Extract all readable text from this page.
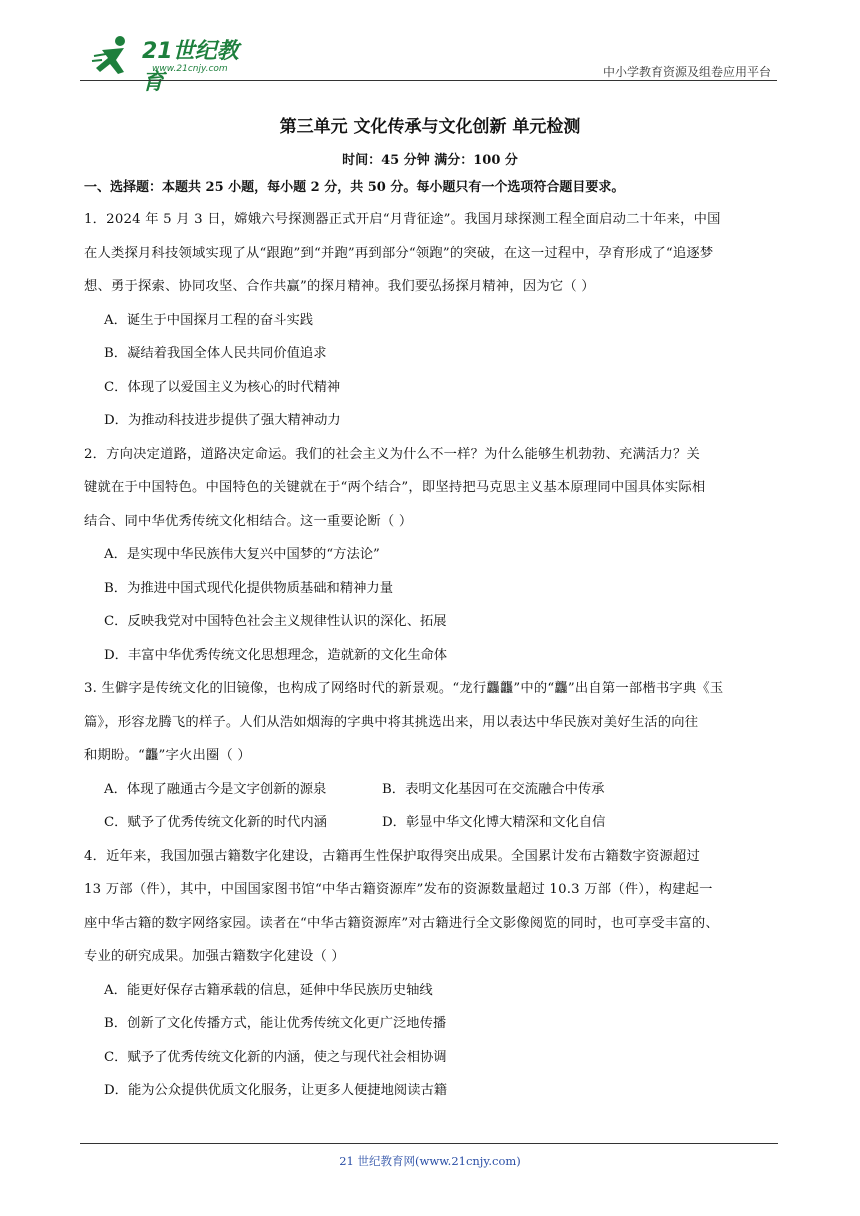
21世纪教育
www.21cnjy.com	中小学教育资源及组卷应用平台
第三单元 文化传承与文化创新 单元检测
时间：45 分钟 满分：100 分
一、选择题：本题共 25 小题，每小题 2 分，共 50 分。每小题只有一个选项符合题目要求。

1．2024 年 5 月 3 日，嫦娥六号探测器正式开启“月背征途”。我国月球探测工程全面启动二十年来，中国

在人类探月科技领域实现了从“跟跑”到“并跑”再到部分“领跑”的突破，在这一过程中，孕育形成了“追逐梦

想、勇于探索、协同攻坚、合作共赢”的探月精神。我们要弘扬探月精神，因为它（ ）

A．诞生于中国探月工程的奋斗实践

B．凝结着我国全体人民共同价值追求

C．体现了以爱国主义为核心的时代精神

D．为推动科技进步提供了强大精神动力

2．方向决定道路，道路决定命运。我们的社会主义为什么不一样？为什么能够生机勃勃、充满活力？关

键就在于中国特色。中国特色的关键就在于“两个结合”，即坚持把马克思主义基本原理同中国具体实际相

结合、同中华优秀传统文化相结合。这一重要论断（ ）

A．是实现中华民族伟大复兴中国梦的“方法论”

B．为推进中国式现代化提供物质基础和精神力量

C．反映我党对中国特色社会主义规律性认识的深化、拓展

D．丰富中华优秀传统文化思想理念，造就新的文化生命体

3. 生僻字是传统文化的旧镜像，也构成了网络时代的新景观。“龙行龘龘”中的“龘”出自第一部楷书字典《玉

篇》，形容龙腾飞的样子。人们从浩如烟海的字典中将其挑选出来，用以表达中华民族对美好生活的向往

和期盼。“龘”字火出圈（ ）

A．体现了融通古今是文字创新的源泉	B．表明文化基因可在交流融合中传承
C．赋予了优秀传统文化新的时代内涵	D．彰显中华文化博大精深和文化自信

4．近年来，我国加强古籍数字化建设，古籍再生性保护取得突出成果。全国累计发布古籍数字资源超过

13 万部（件），其中，中国国家图书馆“中华古籍资源库”发布的资源数量超过 10.3 万部（件），构建起一

座中华古籍的数字网络家园。读者在“中华古籍资源库”对古籍进行全文影像阅览的同时，也可享受丰富的、

专业的研究成果。加强古籍数字化建设（ ）

A．能更好保存古籍承载的信息，延伸中华民族历史轴线

B．创新了文化传播方式，能让优秀传统文化更广泛地传播

C．赋予了优秀传统文化新的内涵，使之与现代社会相协调

D．能为公众提供优质文化服务，让更多人便捷地阅读古籍

21 世纪教育网(www.21cnjy.com)
